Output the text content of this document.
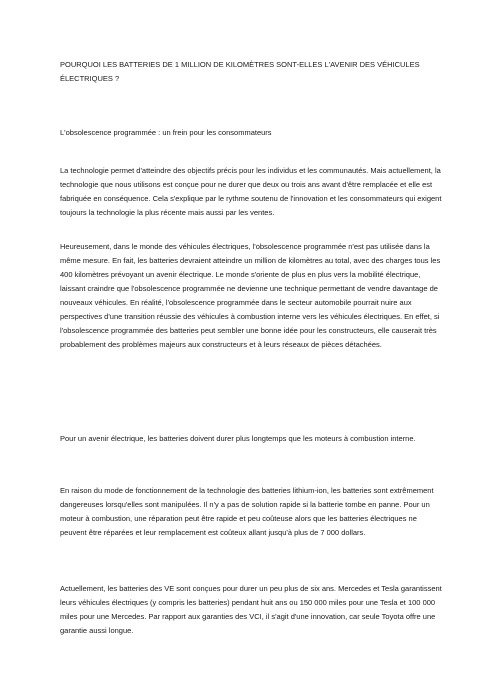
POURQUOI LES BATTERIES DE 1 MILLION DE KILOMÈTRES SONT-ELLES L'AVENIR DES VÉHICULES ÉLECTRIQUES ?

L'obsolescence programmée : un frein pour les consommateurs

La technologie permet d'atteindre des objectifs précis pour les individus et les communautés. Mais actuellement, la technologie que nous utilisons est conçue pour ne durer que deux ou trois ans avant d'être remplacée et elle est fabriquée en conséquence. Cela s'explique par le rythme soutenu de l'innovation et les consommateurs qui exigent toujours la technologie la plus récente mais aussi par les ventes.

Heureusement, dans le monde des véhicules électriques, l'obsolescence programmée n'est pas utilisée dans la même mesure. En fait, les batteries devraient atteindre un million de kilomètres au total, avec des charges tous les 400 kilomètres prévoyant un avenir électrique. Le monde s'oriente de plus en plus vers la mobilité électrique, laissant craindre que l'obsolescence programmée ne devienne une technique permettant de vendre davantage de nouveaux véhicules. En réalité, l'obsolescence programmée dans le secteur automobile pourrait nuire aux perspectives d'une transition réussie des véhicules à combustion interne vers les véhicules électriques. En effet, si l'obsolescence programmée des batteries peut sembler une bonne idée pour les constructeurs, elle causerait très probablement des problèmes majeurs aux constructeurs et à leurs réseaux de pièces détachées.

Pour un avenir électrique, les batteries doivent durer plus longtemps que les moteurs à combustion interne.

En raison du mode de fonctionnement de la technologie des batteries lithium-ion, les batteries sont extrêmement dangereuses lorsqu'elles sont manipulées. Il n'y a pas de solution rapide si la batterie tombe en panne. Pour un moteur à combustion, une réparation peut être rapide et peu coûteuse alors que les batteries électriques ne peuvent être réparées et leur remplacement est coûteux allant jusqu'à plus de 7 000 dollars.

Actuellement, les batteries des VE sont conçues pour durer un peu plus de six ans. Mercedes et Tesla garantissent leurs véhicules électriques (y compris les batteries) pendant huit ans ou 150 000 miles pour une Tesla et 100 000 miles pour une Mercedes. Par rapport aux garanties des VCI, il s'agit d'une innovation, car seule Toyota offre une garantie aussi longue.
